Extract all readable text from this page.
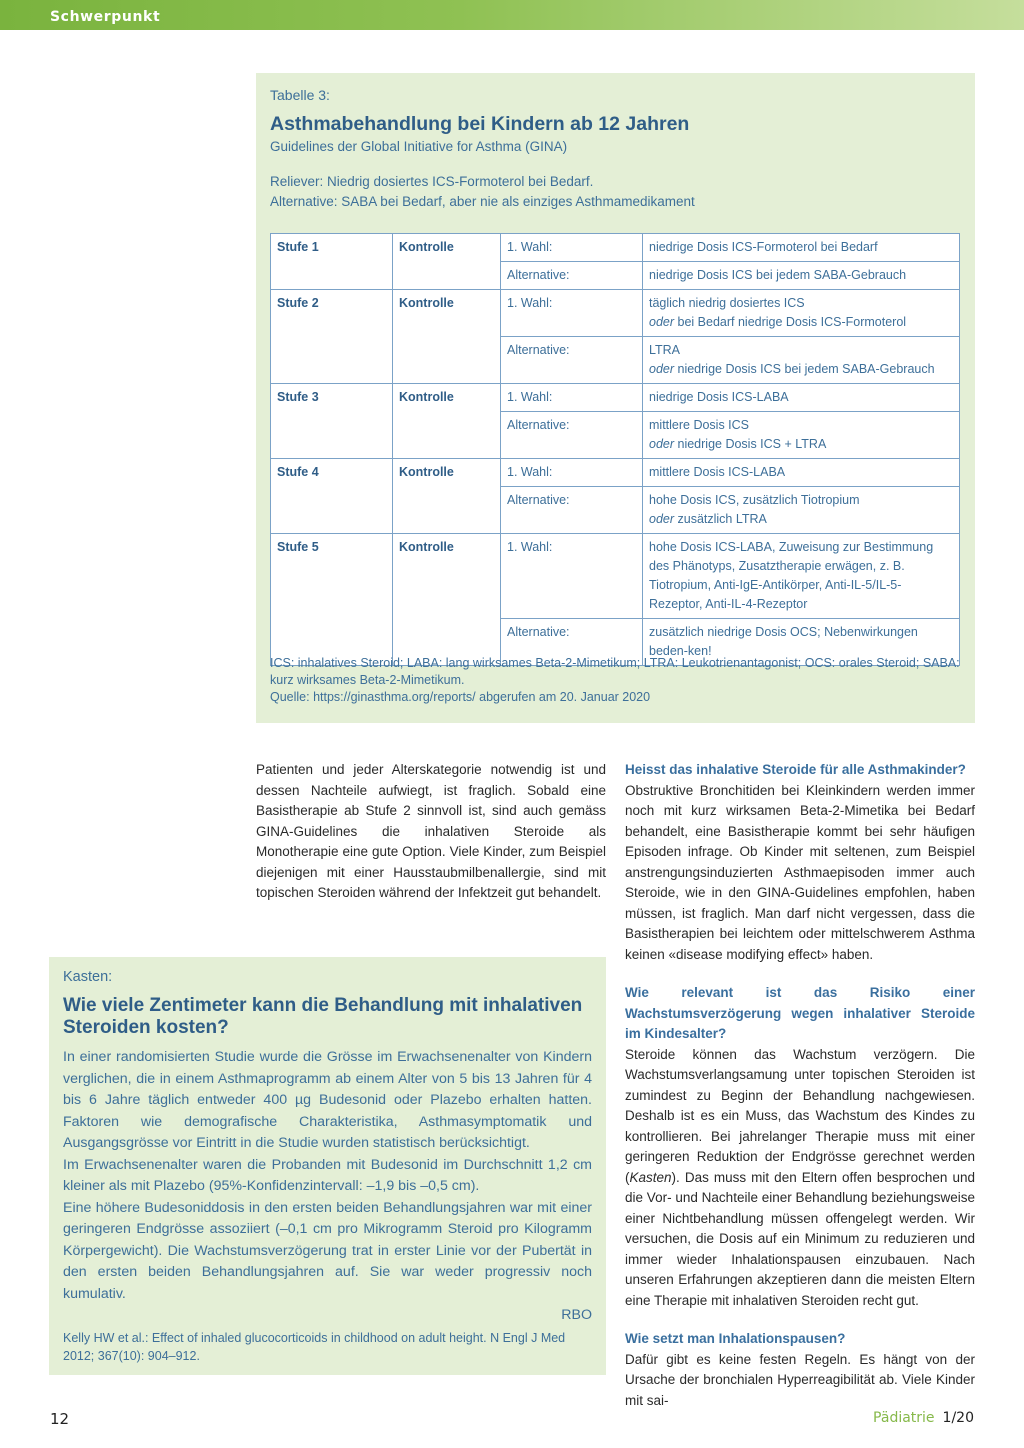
Schwerpunkt
Tabelle 3:
Asthmabehandlung bei Kindern ab 12 Jahren
Guidelines der Global Initiative for Asthma (GINA)
Reliever: Niedrig dosiertes ICS-Formoterol bei Bedarf.
Alternative: SABA bei Bedarf, aber nie als einziges Asthmamedikament
Stufe 1	Kontrolle	1. Wahl:	niedrige Dosis ICS-Formoterol bei Bedarf
		Alternative:	niedrige Dosis ICS bei jedem SABA-Gebrauch
Stufe 2	Kontrolle	1. Wahl:	täglich niedrig dosiertes ICS
oder bei Bedarf niedrige Dosis ICS-Formoterol
		Alternative:	LTRA
oder niedrige Dosis ICS bei jedem SABA-Gebrauch
Stufe 3	Kontrolle	1. Wahl:	niedrige Dosis ICS-LABA
		Alternative:	mittlere Dosis ICS
oder niedrige Dosis ICS + LTRA
Stufe 4	Kontrolle	1. Wahl:	mittlere Dosis ICS-LABA
		Alternative:	hohe Dosis ICS, zusätzlich Tiotropium
oder zusätzlich LTRA
Stufe 5	Kontrolle	1. Wahl:	hohe Dosis ICS-LABA, Zuweisung zur Bestimmung des Phänotyps, Zusatztherapie erwägen, z. B. Tiotropium, Anti-IgE-Antikörper, Anti-IL-5/IL-5-Rezeptor, Anti-IL-4-Rezeptor
		Alternative:	zusätzlich niedrige Dosis OCS; Nebenwirkungen beden-ken!
ICS: inhalatives Steroid; LABA: lang wirksames Beta-2-Mimetikum; LTRA: Leukotrienantagonist; OCS: orales Steroid; SABA: kurz wirksames Beta-2-Mimetikum.
Quelle: https://ginasthma.org/reports/ abgerufen am 20. Januar 2020

Patienten und jeder Alterskategorie notwendig ist und dessen Nachteile aufwiegt, ist fraglich. Sobald eine Basistherapie ab Stufe 2 sinnvoll ist, sind auch gemäss GINA-Guidelines die inhalativen Steroide als Monotherapie eine gute Option. Viele Kinder, zum Beispiel diejenigen mit einer Hausstaubmilbenallergie, sind mit topischen Steroiden während der Infektzeit gut behandelt.

Heisst das inhalative Steroide für alle Asthmakinder?

Obstruktive Bronchitiden bei Kleinkindern werden immer noch mit kurz wirksamen Beta-2-Mimetika bei Bedarf behandelt, eine Basistherapie kommt bei sehr häufigen Episoden infrage. Ob Kinder mit seltenen, zum Beispiel anstrengungsinduzierten Asthmaepisoden immer auch Steroide, wie in den GINA-Guidelines empfohlen, haben müssen, ist fraglich. Man darf nicht vergessen, dass die Basistherapien bei leichtem oder mittelschwerem Asthma keinen «disease modifying effect» haben.

Wie relevant ist das Risiko einer Wachstumsverzögerung wegen inhalativer Steroide im Kindesalter?

Steroide können das Wachstum verzögern. Die Wachstumsverlangsamung unter topischen Steroiden ist zumindest zu Beginn der Behandlung nachgewiesen. Deshalb ist es ein Muss, das Wachstum des Kindes zu kontrollieren. Bei jahrelanger Therapie muss mit einer geringeren Reduktion der Endgrösse gerechnet werden (Kasten). Das muss mit den Eltern offen besprochen und die Vor- und Nachteile einer Behandlung beziehungsweise einer Nichtbehandlung müssen offengelegt werden. Wir versuchen, die Dosis auf ein Minimum zu reduzieren und immer wieder Inhalationspausen einzubauen. Nach unseren Erfahrungen akzeptieren dann die meisten Eltern eine Therapie mit inhalativen Steroiden recht gut.

Wie setzt man Inhalationspausen?

Dafür gibt es keine festen Regeln. Es hängt von der Ursache der bronchialen Hyperreagibilität ab. Viele Kinder mit sai-

Kasten:
Wie viele Zentimeter kann die Behandlung mit inhalativen Steroiden kosten?

In einer randomisierten Studie wurde die Grösse im Erwachsenenalter von Kindern verglichen, die in einem Asthmaprogramm ab einem Alter von 5 bis 13 Jahren für 4 bis 6 Jahre täglich entweder 400 µg Budesonid oder Plazebo erhalten hatten. Faktoren wie demografische Charakteristika, Asthmasymptomatik und Ausgangsgrösse vor Eintritt in die Studie wurden statistisch berücksichtigt.

Im Erwachsenenalter waren die Probanden mit Budesonid im Durchschnitt 1,2 cm kleiner als mit Plazebo (95%-Konfidenzintervall: –1,9 bis –0,5 cm).

Eine höhere Budesoniddosis in den ersten beiden Behandlungsjahren war mit einer geringeren Endgrösse assoziiert (–0,1 cm pro Mikrogramm Steroid pro Kilogramm Körpergewicht). Die Wachstumsverzögerung trat in erster Linie vor der Pubertät in den ersten beiden Behandlungsjahren auf. Sie war weder progressiv noch kumulativ.

RBO
Kelly HW et al.: Effect of inhaled glucocorticoids in childhood on adult height. N Engl J Med 2012; 367(10): 904–912.
12	Pädiatrie 1/20
